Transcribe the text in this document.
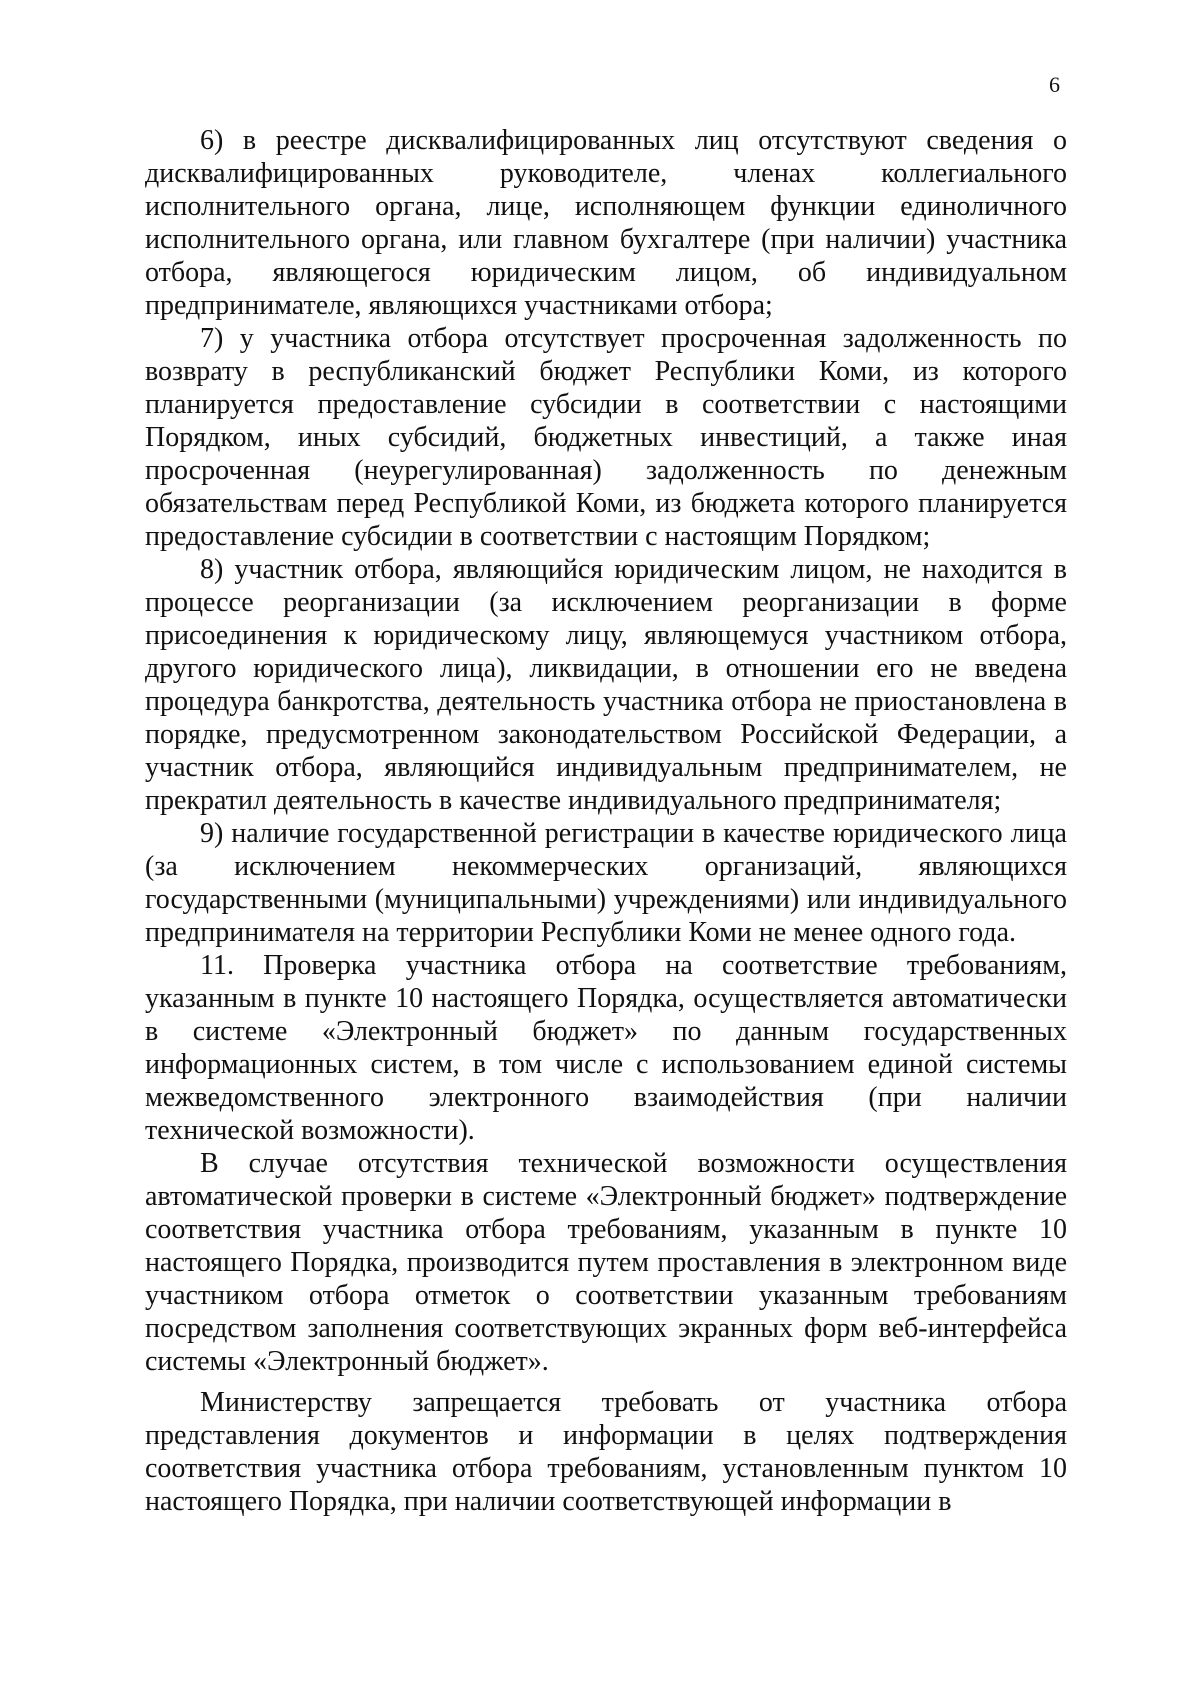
6

6) в реестре дисквалифицированных лиц отсутствуют сведения о дисквалифицированных руководителе, членах коллегиального исполнительного органа, лице, исполняющем функции единоличного исполнительного органа, или главном бухгалтере (при наличии) участника отбора, являющегося юридическим лицом, об индивидуальном предпринимателе, являющихся участниками отбора;

7) у участника отбора отсутствует просроченная задолженность по возврату в республиканский бюджет Республики Коми, из которого планируется предоставление субсидии в соответствии с настоящими Порядком, иных субсидий, бюджетных инвестиций, а также иная просроченная (неурегулированная) задолженность по денежным обязательствам перед Республикой Коми, из бюджета которого планируется предоставление субсидии в соответствии с настоящим Порядком;

8) участник отбора, являющийся юридическим лицом, не находится в процессе реорганизации (за исключением реорганизации в форме присоединения к юридическому лицу, являющемуся участником отбора, другого юридического лица), ликвидации, в отношении его не введена процедура банкротства, деятельность участника отбора не приостановлена в порядке, предусмотренном законодательством Российской Федерации, а участник отбора, являющийся индивидуальным предпринимателем, не прекратил деятельность в качестве индивидуального предпринимателя;

9) наличие государственной регистрации в качестве юридического лица (за исключением некоммерческих организаций, являющихся государственными (муниципальными) учреждениями) или индивидуального предпринимателя на территории Республики Коми не менее одного года.

11. Проверка участника отбора на соответствие требованиям, указанным в пункте 10 настоящего Порядка, осуществляется автоматически в системе «Электронный бюджет» по данным государственных информационных систем, в том числе с использованием единой системы межведомственного электронного взаимодействия (при наличии технической возможности).

В случае отсутствия технической возможности осуществления автоматической проверки в системе «Электронный бюджет» подтверждение соответствия участника отбора требованиям, указанным в пункте 10 настоящего Порядка, производится путем проставления в электронном виде участником отбора отметок о соответствии указанным требованиям посредством заполнения соответствующих экранных форм веб-интерфейса системы «Электронный бюджет».

Министерству запрещается требовать от участника отбора представления документов и информации в целях подтверждения соответствия участника отбора требованиям, установленным пунктом 10 настоящего Порядка, при наличии соответствующей информации в
